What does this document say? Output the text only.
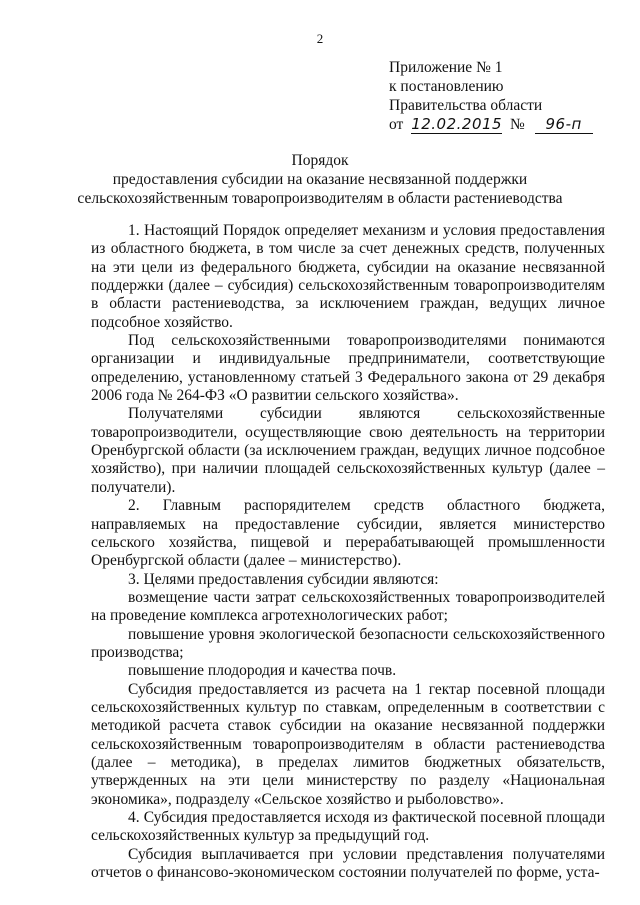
2
Приложение № 1
к постановлению
Правительства области
от 12.02.2015 № 96-п
Порядок
предоставления субсидии на оказание несвязанной поддержки
сельскохозяйственным товаропроизводителям в области растениеводства

1. Настоящий Порядок определяет механизм и условия предоставления из областного бюджета, в том числе за счет денежных средств, полученных на эти цели из федерального бюджета, субсидии на оказание несвязанной поддержки (далее – субсидия) сельскохозяйственным товаропроизводителям в области растениеводства, за исключением граждан, ведущих личное подсобное хозяйство.

Под сельскохозяйственными товаропроизводителями понимаются организации и индивидуальные предприниматели, соответствующие определению, установленному статьей 3 Федерального закона от 29 декабря 2006 года № 264-ФЗ «О развитии сельского хозяйства».

Получателями субсидии являются сельскохозяйственные товаропроизводители, осуществляющие свою деятельность на территории Оренбургской области (за исключением граждан, ведущих личное подсобное хозяйство), при наличии площадей сельскохозяйственных культур (далее – получатели).

2. Главным распорядителем средств областного бюджета, направляемых на предоставление субсидии, является министерство сельского хозяйства, пищевой и перерабатывающей промышленности Оренбургской области (далее – министерство).

3. Целями предоставления субсидии являются:

возмещение части затрат сельскохозяйственных товаропроизводителей на проведение комплекса агротехнологических работ;

повышение уровня экологической безопасности сельскохозяйственного производства;

повышение плодородия и качества почв.

Субсидия предоставляется из расчета на 1 гектар посевной площади сельскохозяйственных культур по ставкам, определенным в соответствии с методикой расчета ставок субсидии на оказание несвязанной поддержки сельскохозяйственным товаропроизводителям в области растениеводства (далее – методика), в пределах лимитов бюджетных обязательств, утвержденных на эти цели министерству по разделу «Национальная экономика», подразделу «Сельское хозяйство и рыболовство».

4. Субсидия предоставляется исходя из фактической посевной площади сельскохозяйственных культур за предыдущий год.

Субсидия выплачивается при условии представления получателями отчетов о финансово-экономическом состоянии получателей по форме, уста-
